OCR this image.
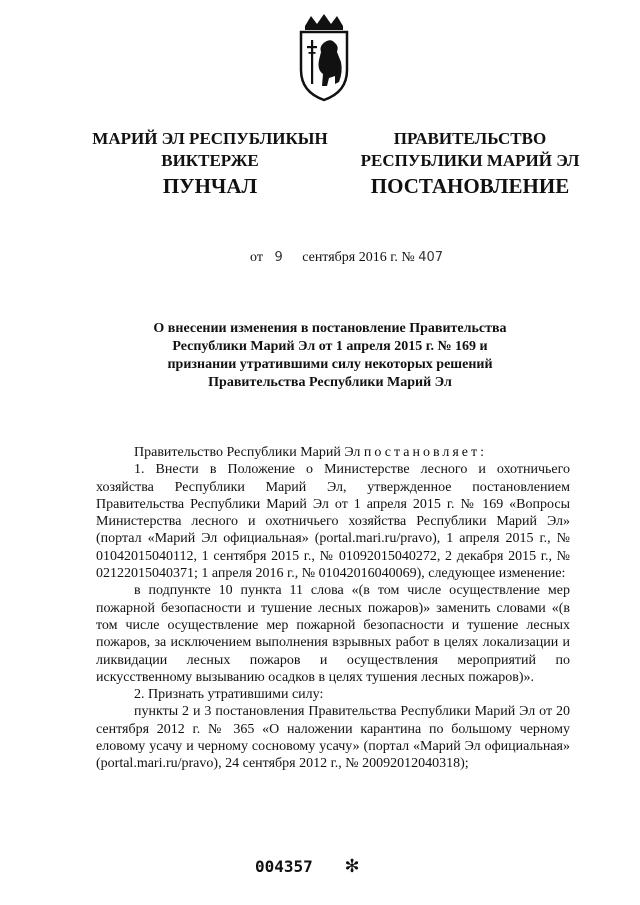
МАРИЙ ЭЛ РЕСПУБЛИКЫН
ВИКТЕРЖЕ
ПРАВИТЕЛЬСТВО
РЕСПУБЛИКИ МАРИЙ ЭЛ
ПУНЧАЛ	ПОСТАНОВЛЕНИЕ
от 9 сентября 2016 г. № 407
О внесении изменения в постановление Правительства
Республики Марий Эл от 1 апреля 2015 г. № 169 и
признании утратившими силу некоторых решений
Правительства Республики Марий Эл

Правительство Республики Марий Эл постановляет:

1. Внести в Положение о Министерстве лесного и охотничьего хозяйства Республики Марий Эл, утвержденное постановлением Правительства Республики Марий Эл от 1 апреля 2015 г. № 169 «Вопросы Министерства лесного и охотничьего хозяйства Республики Марий Эл» (портал «Марий Эл официальная» (portal.mari.ru/pravo), 1 апреля 2015 г., № 01042015040112, 1 сентября 2015 г., № 01092015040272, 2 декабря 2015 г., № 02122015040371; 1 апреля 2016 г., № 01042016040069), следующее изменение:

в подпункте 10 пункта 11 слова «(в том числе осуществление мер пожарной безопасности и тушение лесных пожаров)» заменить словами «(в том числе осуществление мер пожарной безопасности и тушение лесных пожаров, за исключением выполнения взрывных работ в целях локализации и ликвидации лесных пожаров и осуществления мероприятий по искусственному вызыванию осадков в целях тушения лесных пожаров)».

2. Признать утратившими силу:

пункты 2 и 3 постановления Правительства Республики Марий Эл от 20 сентября 2012 г. № 365 «О наложении карантина по большому черному еловому усачу и черному сосновому усачу» (портал «Марий Эл официальная» (portal.mari.ru/pravo), 24 сентября 2012 г., № 20092012040318);

004357 ✻
